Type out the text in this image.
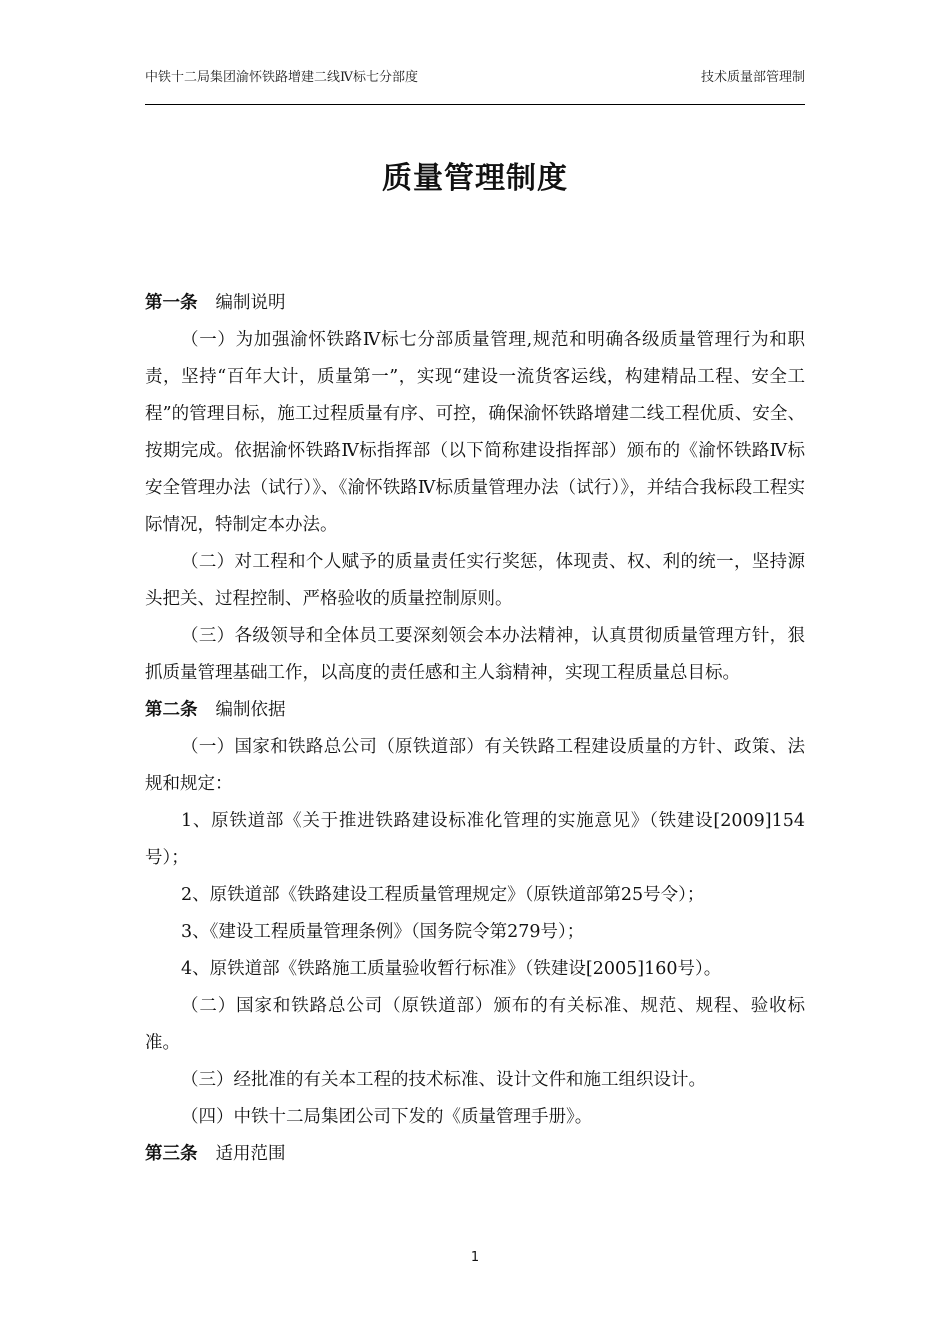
中铁十二局集团渝怀铁路增建二线Ⅳ标七分部度	技术质量部管理制
质量管理制度

第一条 编制说明

（一）为加强渝怀铁路Ⅳ标七分部质量管理,规范和明确各级质量管理行为和职责，坚持“百年大计，质量第一”，实现“建设一流货客运线，构建精品工程、安全工程”的管理目标，施工过程质量有序、可控，确保渝怀铁路增建二线工程优质、安全、按期完成。依据渝怀铁路Ⅳ标指挥部（以下简称建设指挥部）颁布的《渝怀铁路Ⅳ标安全管理办法（试行）》、《渝怀铁路Ⅳ标质量管理办法（试行）》，并结合我标段工程实际情况，特制定本办法。

（二）对工程和个人赋予的质量责任实行奖惩，体现责、权、利的统一，坚持源头把关、过程控制、严格验收的质量控制原则。

（三）各级领导和全体员工要深刻领会本办法精神，认真贯彻质量管理方针，狠抓质量管理基础工作，以高度的责任感和主人翁精神，实现工程质量总目标。

第二条 编制依据

（一）国家和铁路总公司（原铁道部）有关铁路工程建设质量的方针、政策、法规和规定：

1、原铁道部《关于推进铁路建设标准化管理的实施意见》（铁建设[2009]154号）；

2、原铁道部《铁路建设工程质量管理规定》（原铁道部第25号令）；

3、《建设工程质量管理条例》（国务院令第279号）；

4、原铁道部《铁路施工质量验收暂行标准》（铁建设[2005]160号）。

（二）国家和铁路总公司（原铁道部）颁布的有关标准、规范、规程、验收标准。

（三）经批准的有关本工程的技术标准、设计文件和施工组织设计。

（四）中铁十二局集团公司下发的《质量管理手册》。

第三条 适用范围

1
